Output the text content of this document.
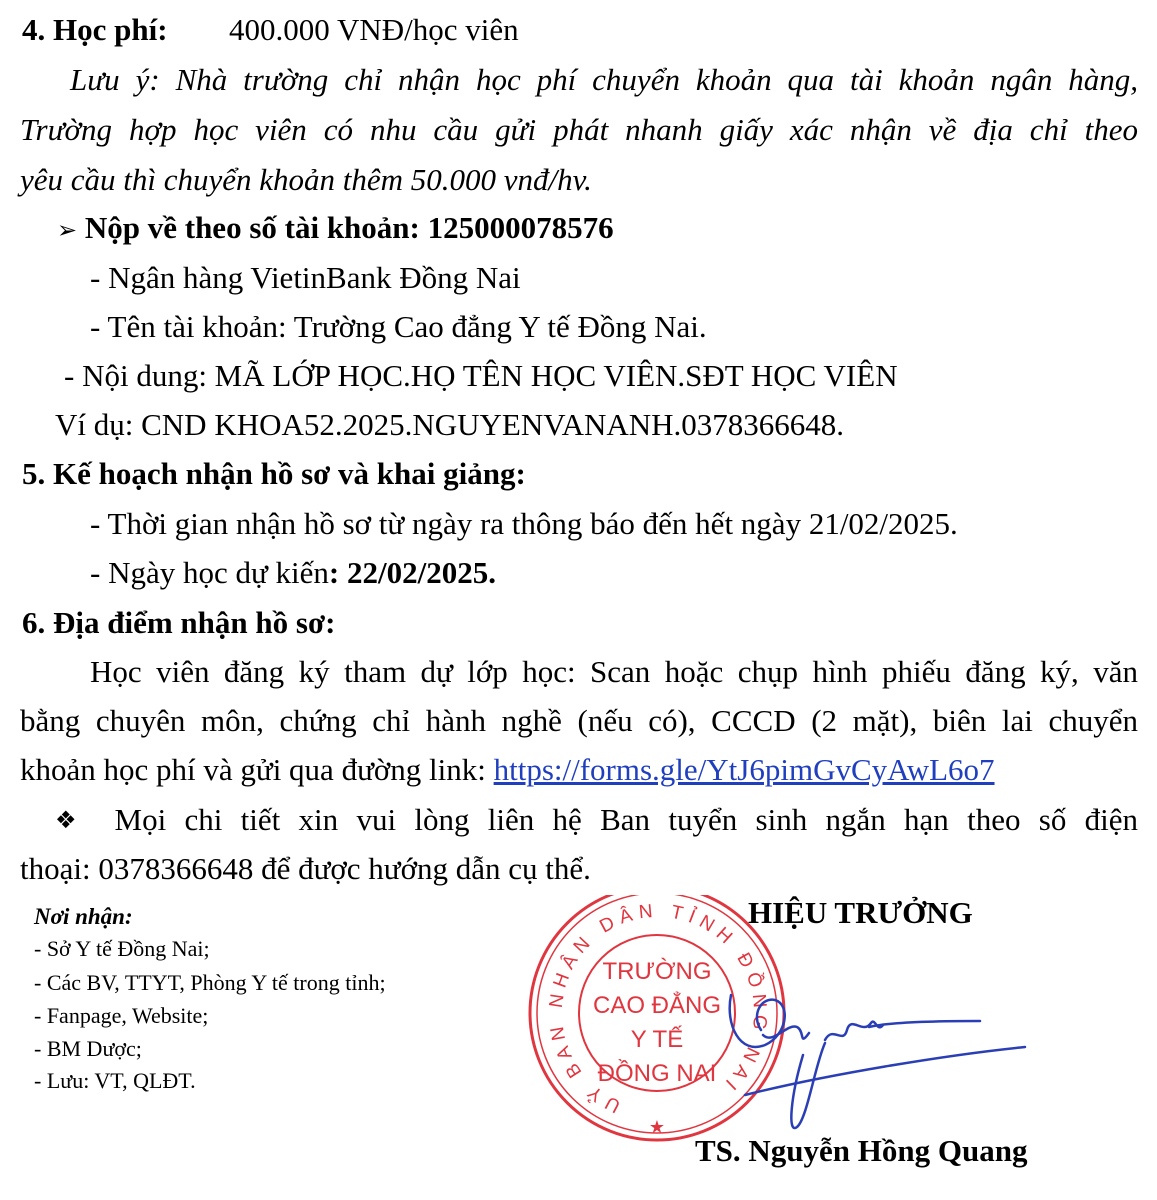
4. Học phí: 400.000 VNĐ/học viên
Lưu ý: Nhà trường chỉ nhận học phí chuyển khoản qua tài khoản ngân hàng,
Trường hợp học viên có nhu cầu gửi phát nhanh giấy xác nhận về địa chỉ theo
yêu cầu thì chuyển khoản thêm 50.000 vnđ/hv.
➢ Nộp về theo số tài khoản: 125000078576
- Ngân hàng VietinBank Đồng Nai
- Tên tài khoản: Trường Cao đẳng Y tế Đồng Nai.
- Nội dung: MÃ LỚP HỌC.HỌ TÊN HỌC VIÊN.SĐT HỌC VIÊN
Ví dụ: CND KHOA52.2025.NGUYENVANANH.0378366648.
5. Kế hoạch nhận hồ sơ và khai giảng:
- Thời gian nhận hồ sơ từ ngày ra thông báo đến hết ngày 21/02/2025.
- Ngày học dự kiến: 22/02/2025.
6. Địa điểm nhận hồ sơ:
Học viên đăng ký tham dự lớp học: Scan hoặc chụp hình phiếu đăng ký, văn
bằng chuyên môn, chứng chỉ hành nghề (nếu có), CCCD (2 mặt), biên lai chuyển
khoản học phí và gửi qua đường link: https://forms.gle/YtJ6pimGvCyAwL6o7
❖ Mọi chi tiết xin vui lòng liên hệ Ban tuyển sinh ngắn hạn theo số điện
thoại: 0378366648 để được hướng dẫn cụ thể.
Nơi nhận:
- Sở Y tế Đồng Nai;
- Các BV, TTYT, Phòng Y tế trong tỉnh;
- Fanpage, Website;
- BM Dược;
- Lưu: VT, QLĐT.
HIỆU TRƯỞNG
UỶ BAN NHÂN DÂN TỈNH ĐỒNG NAI
TRƯỜNG
CAO ĐẲNG
Y TẾ
ĐỒNG NAI
★
TS. Nguyễn Hồng Quang
